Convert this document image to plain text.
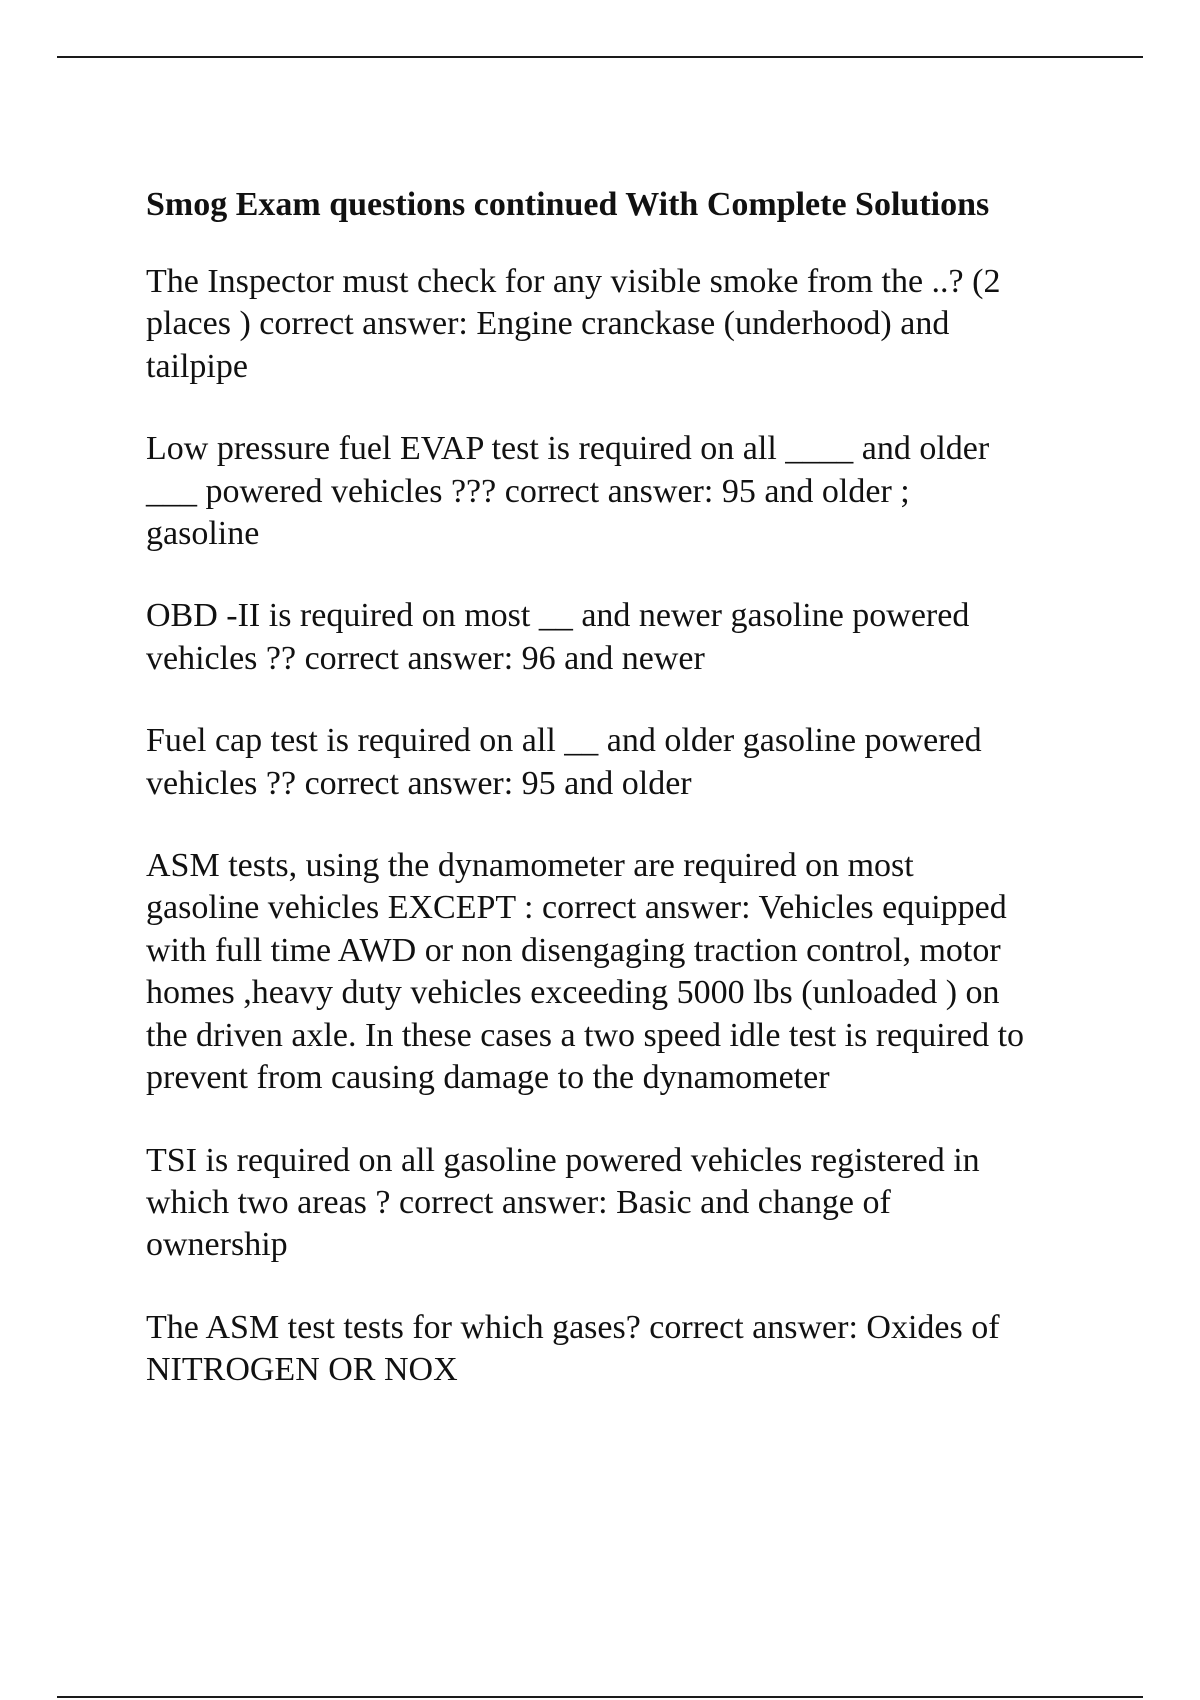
Smog Exam questions continued With Complete Solutions
The Inspector must check for any visible smoke from the ..? (2
places ) correct answer: Engine cranckase (underhood) and
tailpipe
Low pressure fuel EVAP test is required on all ____ and older
___ powered vehicles ??? correct answer: 95 and older ;
gasoline
OBD -II is required on most __ and newer gasoline powered
vehicles ?? correct answer: 96 and newer
Fuel cap test is required on all __ and older gasoline powered
vehicles ?? correct answer: 95 and older
ASM tests, using the dynamometer are required on most
gasoline vehicles EXCEPT : correct answer: Vehicles equipped
with full time AWD or non disengaging traction control, motor
homes ,heavy duty vehicles exceeding 5000 lbs (unloaded ) on
the driven axle. In these cases a two speed idle test is required to
prevent from causing damage to the dynamometer
TSI is required on all gasoline powered vehicles registered in
which two areas ? correct answer: Basic and change of
ownership
The ASM test tests for which gases? correct answer: Oxides of
NITROGEN OR NOX
